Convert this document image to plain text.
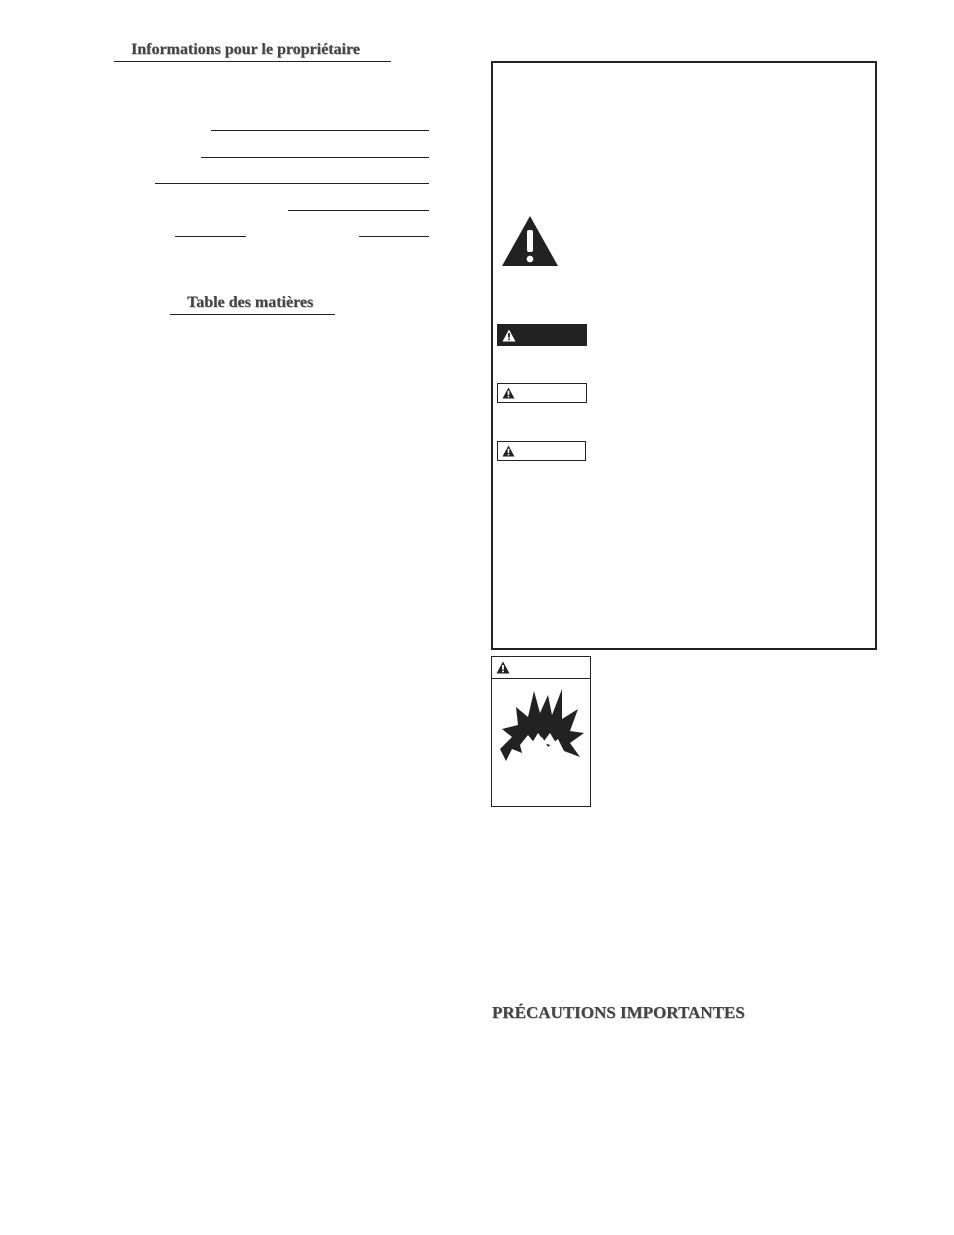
Informations pour le propriétaire
Table des matières
PRÉCAUTIONS IMPORTANTES
